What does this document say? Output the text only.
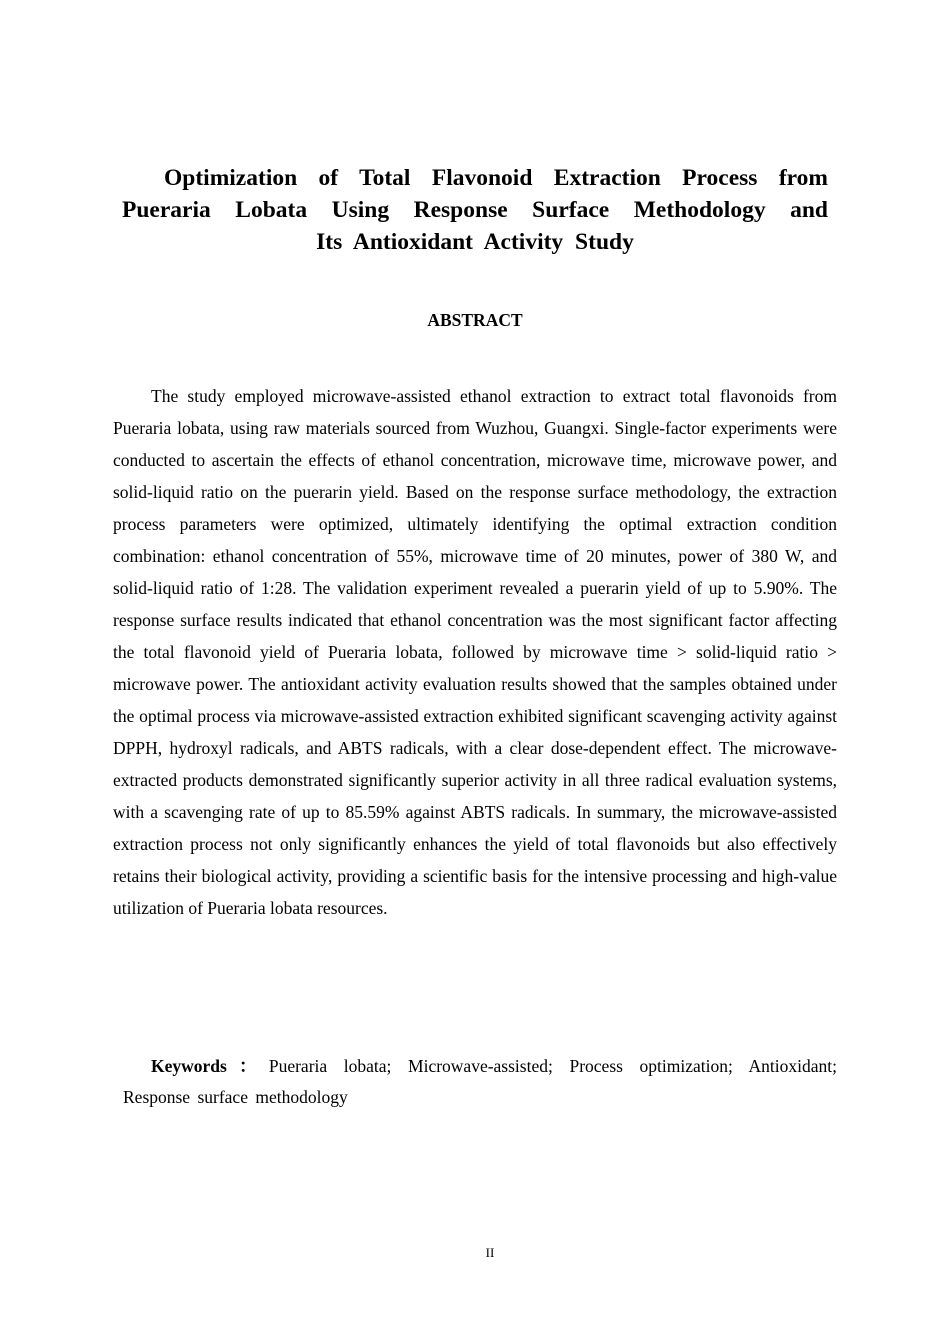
Optimization of Total Flavonoid Extraction Process from
Pueraria Lobata Using Response Surface Methodology and
Its Antioxidant Activity Study
ABSTRACT

The study employed microwave-assisted ethanol extraction to extract total flavonoids from Pueraria lobata, using raw materials sourced from Wuzhou, Guangxi. Single-factor experiments were conducted to ascertain the effects of ethanol concentration, microwave time, microwave power, and solid-liquid ratio on the puerarin yield. Based on the response surface methodology, the extraction process parameters were optimized, ultimately identifying the optimal extraction condition combination: ethanol concentration of 55%, microwave time of 20 minutes, power of 380 W, and solid-liquid ratio of 1:28. The validation experiment revealed a puerarin yield of up to 5.90%. The response surface results indicated that ethanol concentration was the most significant factor affecting the total flavonoid yield of Pueraria lobata, followed by microwave time > solid-liquid ratio > microwave power. The antioxidant activity evaluation results showed that the samples obtained under the optimal process via microwave-assisted extraction exhibited significant scavenging activity against DPPH, hydroxyl radicals, and ABTS radicals, with a clear dose-dependent effect. The microwave-extracted products demonstrated significantly superior activity in all three radical evaluation systems, with a scavenging rate of up to 85.59% against ABTS radicals. In summary, the microwave-assisted extraction process not only significantly enhances the yield of total flavonoids but also effectively retains their biological activity, providing a scientific basis for the intensive processing and high-value utilization of Pueraria lobata resources.

Keywords：Pueraria lobata; Microwave-assisted; Process optimization; Antioxidant;
Response surface methodology
II
